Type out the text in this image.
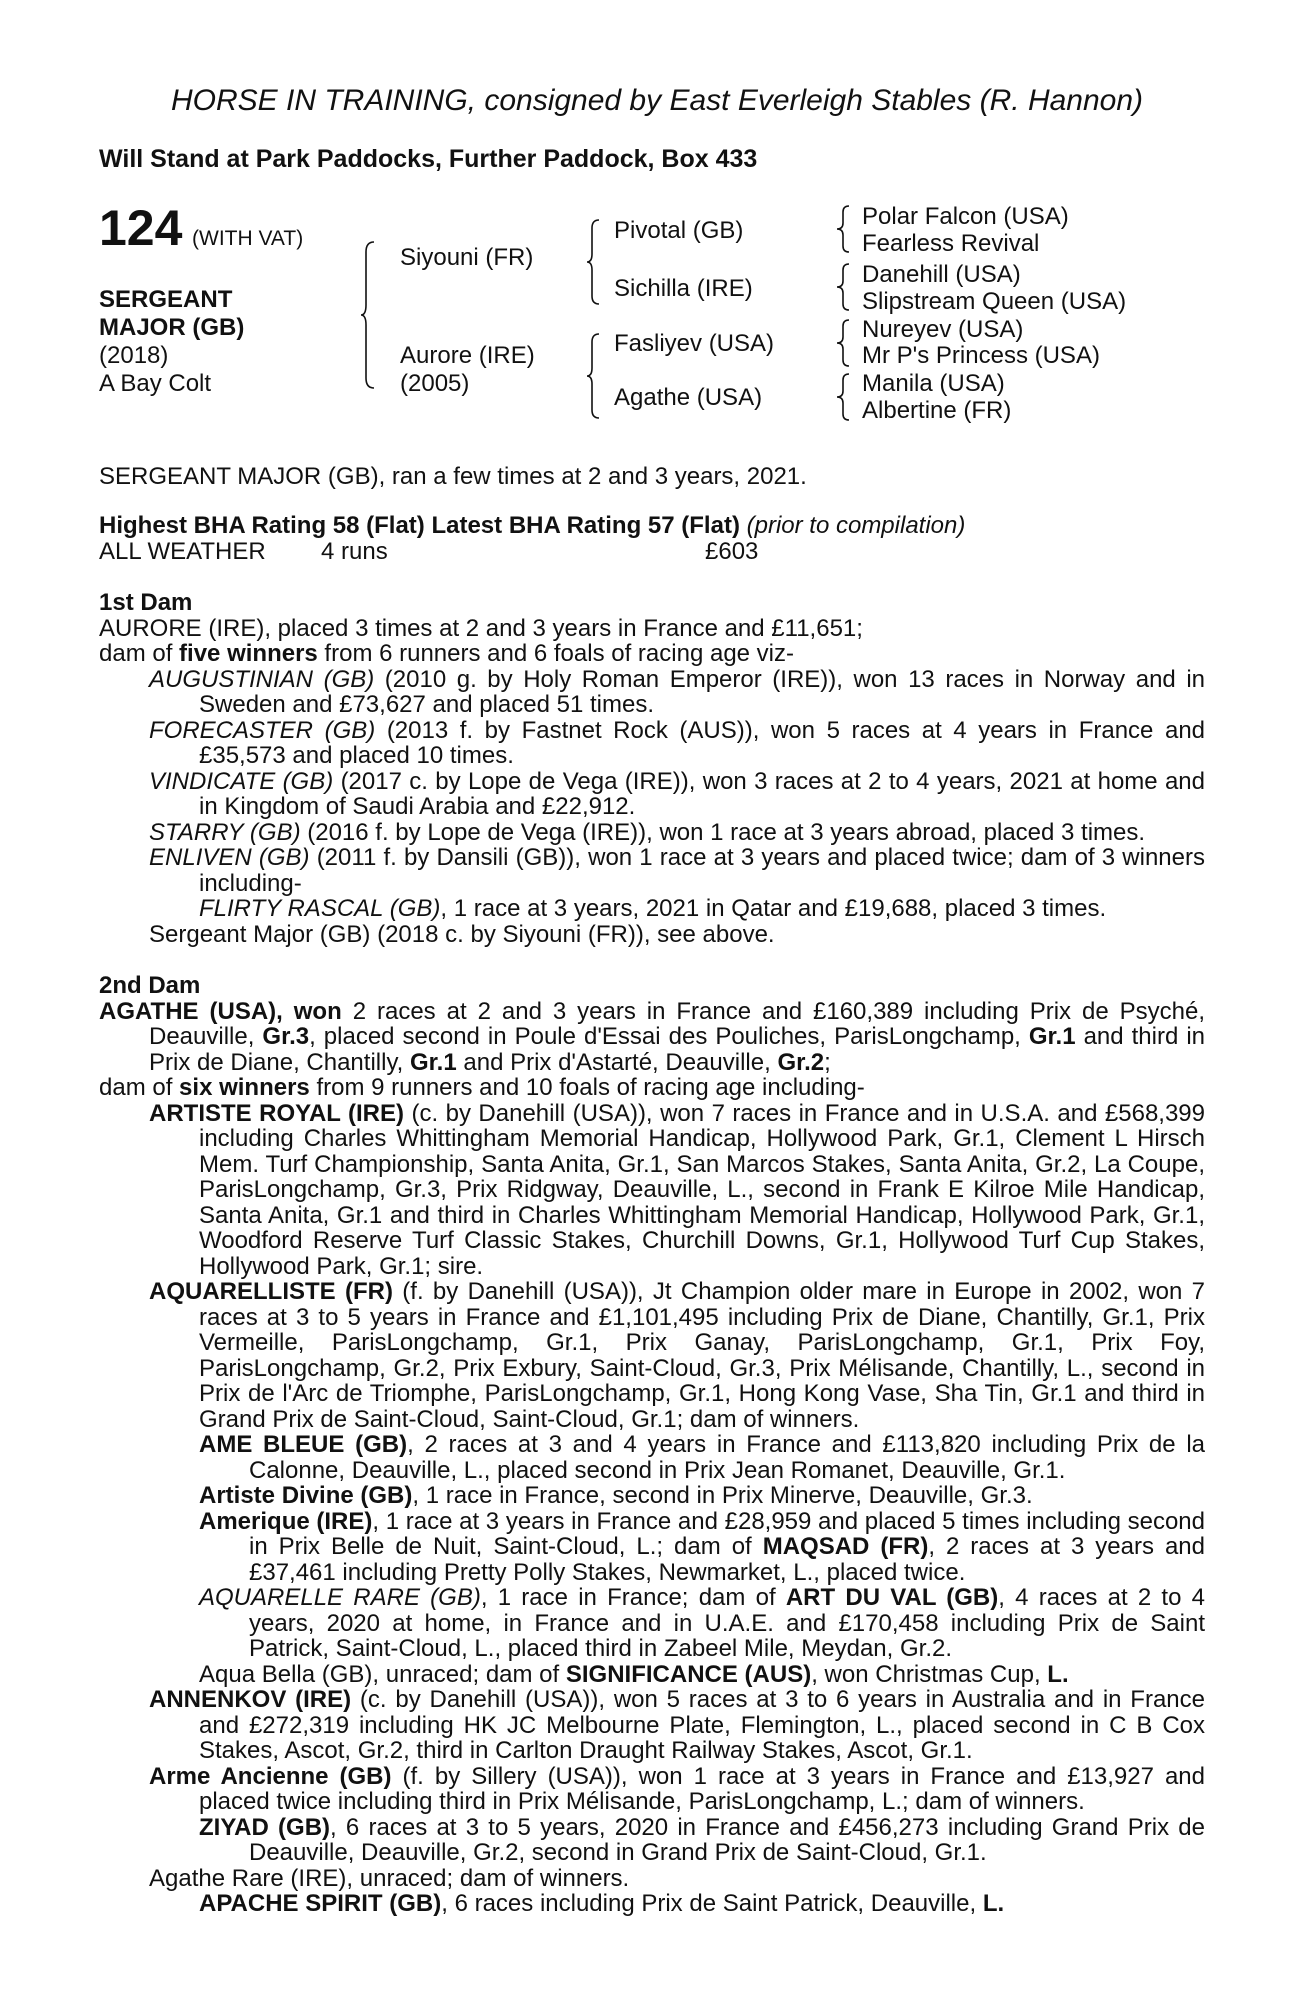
HORSE IN TRAINING, consigned by East Everleigh Stables (R. Hannon)
Will Stand at Park Paddocks, Further Paddock, Box 433
124 (WITH VAT)
SERGEANT
MAJOR (GB)
(2018)
A Bay Colt
Siyouni (FR)
Aurore (IRE)
(2005)
Pivotal (GB)
Sichilla (IRE)
Fasliyev (USA)
Agathe (USA)
Polar Falcon (USA)
Fearless Revival
Danehill (USA)
Slipstream Queen (USA)
Nureyev (USA)
Mr P's Princess (USA)
Manila (USA)
Albertine (FR)
SERGEANT MAJOR (GB), ran a few times at 2 and 3 years, 2021.
Highest BHA Rating 58 (Flat) Latest BHA Rating 57 (Flat) (prior to compilation)
ALL WEATHER 4 runs	£603

1st Dam

AURORE (IRE), placed 3 times at 2 and 3 years in France and £11,651;

dam of five winners from 6 runners and 6 foals of racing age viz-

AUGUSTINIAN (GB) (2010 g. by Holy Roman Emperor (IRE)), won 13 races in Norway and in Sweden and £73,627 and placed 51 times.

FORECASTER (GB) (2013 f. by Fastnet Rock (AUS)), won 5 races at 4 years in France and £35,573 and placed 10 times.

VINDICATE (GB) (2017 c. by Lope de Vega (IRE)), won 3 races at 2 to 4 years, 2021 at home and in Kingdom of Saudi Arabia and £22,912.

STARRY (GB) (2016 f. by Lope de Vega (IRE)), won 1 race at 3 years abroad, placed 3 times.

ENLIVEN (GB) (2011 f. by Dansili (GB)), won 1 race at 3 years and placed twice; dam of 3 winners including-

FLIRTY RASCAL (GB), 1 race at 3 years, 2021 in Qatar and £19,688, placed 3 times.

Sergeant Major (GB) (2018 c. by Siyouni (FR)), see above.

2nd Dam

AGATHE (USA), won 2 races at 2 and 3 years in France and £160,389 including Prix de Psyché, Deauville, Gr.3, placed second in Poule d'Essai des Pouliches, ParisLongchamp, Gr.1 and third in Prix de Diane, Chantilly, Gr.1 and Prix d'Astarté, Deauville, Gr.2;

dam of six winners from 9 runners and 10 foals of racing age including-

ARTISTE ROYAL (IRE) (c. by Danehill (USA)), won 7 races in France and in U.S.A. and £568,399 including Charles Whittingham Memorial Handicap, Hollywood Park, Gr.1, Clement L Hirsch Mem. Turf Championship, Santa Anita, Gr.1, San Marcos Stakes, Santa Anita, Gr.2, La Coupe, ParisLongchamp, Gr.3, Prix Ridgway, Deauville, L., second in Frank E Kilroe Mile Handicap, Santa Anita, Gr.1 and third in Charles Whittingham Memorial Handicap, Hollywood Park, Gr.1, Woodford Reserve Turf Classic Stakes, Churchill Downs, Gr.1, Hollywood Turf Cup Stakes, Hollywood Park, Gr.1; sire.

AQUARELLISTE (FR) (f. by Danehill (USA)), Jt Champion older mare in Europe in 2002, won 7 races at 3 to 5 years in France and £1,101,495 including Prix de Diane, Chantilly, Gr.1, Prix Vermeille, ParisLongchamp, Gr.1, Prix Ganay, ParisLongchamp, Gr.1, Prix Foy, ParisLongchamp, Gr.2, Prix Exbury, Saint-Cloud, Gr.3, Prix Mélisande, Chantilly, L., second in Prix de l'Arc de Triomphe, ParisLongchamp, Gr.1, Hong Kong Vase, Sha Tin, Gr.1 and third in Grand Prix de Saint-Cloud, Saint-Cloud, Gr.1; dam of winners.

AME BLEUE (GB), 2 races at 3 and 4 years in France and £113,820 including Prix de la Calonne, Deauville, L., placed second in Prix Jean Romanet, Deauville, Gr.1.

Artiste Divine (GB), 1 race in France, second in Prix Minerve, Deauville, Gr.3.

Amerique (IRE), 1 race at 3 years in France and £28,959 and placed 5 times including second in Prix Belle de Nuit, Saint-Cloud, L.; dam of MAQSAD (FR), 2 races at 3 years and £37,461 including Pretty Polly Stakes, Newmarket, L., placed twice.

AQUARELLE RARE (GB), 1 race in France; dam of ART DU VAL (GB), 4 races at 2 to 4 years, 2020 at home, in France and in U.A.E. and £170,458 including Prix de Saint Patrick, Saint-Cloud, L., placed third in Zabeel Mile, Meydan, Gr.2.

Aqua Bella (GB), unraced; dam of SIGNIFICANCE (AUS), won Christmas Cup, L.

ANNENKOV (IRE) (c. by Danehill (USA)), won 5 races at 3 to 6 years in Australia and in France and £272,319 including HK JC Melbourne Plate, Flemington, L., placed second in C B Cox Stakes, Ascot, Gr.2, third in Carlton Draught Railway Stakes, Ascot, Gr.1.

Arme Ancienne (GB) (f. by Sillery (USA)), won 1 race at 3 years in France and £13,927 and placed twice including third in Prix Mélisande, ParisLongchamp, L.; dam of winners.

ZIYAD (GB), 6 races at 3 to 5 years, 2020 in France and £456,273 including Grand Prix de Deauville, Deauville, Gr.2, second in Grand Prix de Saint-Cloud, Gr.1.

Agathe Rare (IRE), unraced; dam of winners.

APACHE SPIRIT (GB), 6 races including Prix de Saint Patrick, Deauville, L.
